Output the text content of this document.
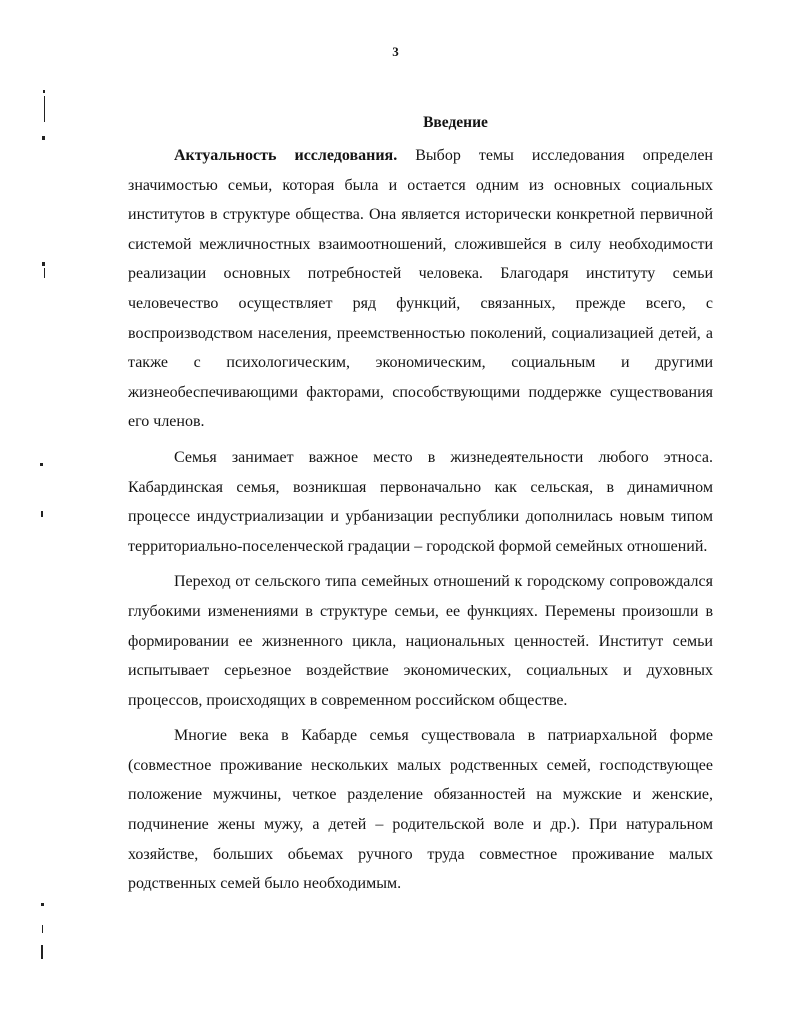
3
Введение

Актуальность исследования. Выбор темы исследования определен значимостью семьи, которая была и остается одним из основных социальных институтов в структуре общества. Она является исторически конкретной первичной системой межличностных взаимоотношений, сложившейся в силу необходимости реализации основных потребностей человека. Благодаря институту семьи человечество осуществляет ряд функций, связанных, прежде всего, с воспроизводством населения, преемственностью поколений, социализацией детей, а также с психологическим, экономическим, социальным и другими жизнеобеспечивающими факторами, способствующими поддержке существования его членов.

Семья занимает важное место в жизнедеятельности любого этноса. Кабардинская семья, возникшая первоначально как сельская, в динамичном процессе индустриализации и урбанизации республики дополнилась новым типом территориально-поселенческой градации – городской формой семейных отношений.

Переход от сельского типа семейных отношений к городскому сопровождался глубокими изменениями в структуре семьи, ее функциях. Перемены произошли в формировании ее жизненного цикла, национальных ценностей. Институт семьи испытывает серьезное воздействие экономических, социальных и духовных процессов, происходящих в современном российском обществе.

Многие века в Кабарде семья существовала в патриархальной форме (совместное проживание нескольких малых родственных семей, господствующее положение мужчины, четкое разделение обязанностей на мужские и женские, подчинение жены мужу, а детей – родительской воле и др.). При натуральном хозяйстве, больших обьемах ручного труда совместное проживание малых родственных семей было необходимым.
